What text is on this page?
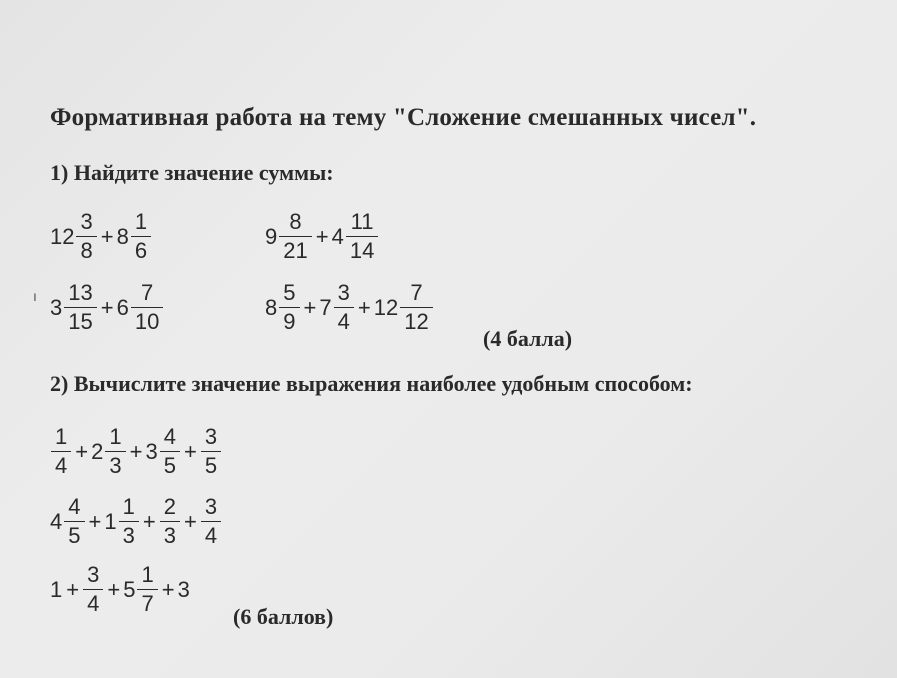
Формативная работа на тему "Сложение смешанных чисел".
1) Найдите значение суммы:
$12 \frac{3}{8} + 8 \frac{1}{6}$	$9 \frac{8}{21} + 4 \frac{11}{14}$
$3 \frac{13}{15} + 6 \frac{7}{10}$	$8 \frac{5}{9} + 7 \frac{3}{4} + 12 \frac{7}{12}$
(4 балла)
2) Вычислите значение выражения наиболее удобным способом:
$\frac{1}{4} + 2 \frac{1}{3} + 3 \frac{4}{5} + \frac{3}{5}$
$4 \frac{4}{5} + 1 \frac{1}{3} + \frac{2}{3} + \frac{3}{4}$
$1 + \frac{3}{4} + 5 \frac{1}{7} + 3$
(6 баллов)
ı
